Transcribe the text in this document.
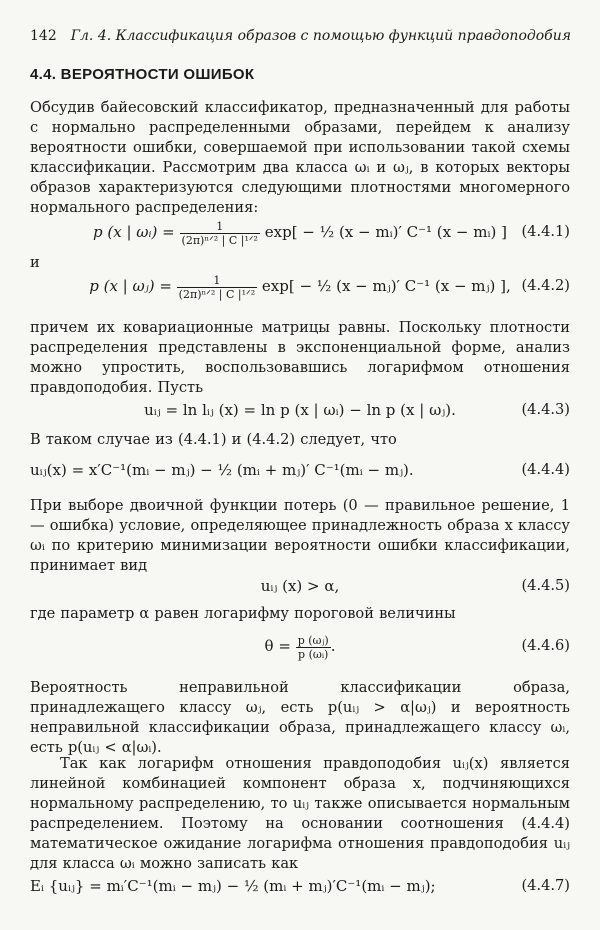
142 Гл. 4. Классификация образов с помощью функций правдоподобия
4.4. ВЕРОЯТНОСТИ ОШИБОК
Обсудив байесовский классификатор, предназначенный для работы с нормально распределенными образами, перейдем к анализу вероятности ошибки, совершаемой при использовании такой схемы классификации. Рассмотрим два класса ωᵢ и ωⱼ, в которых векторы образов характеризуются следующими плотностями многомерного нормального распределения:
p (x | ωᵢ) = $\frac{1}{\text{(2π)ⁿᐟ² | C |¹ᐟ²}} \exp$[ − ½ (x − mᵢ)′ C⁻¹ (x − mᵢ) ] (4.4.1)
и
p (x | ωⱼ) = $\frac{1}{\text{(2π)ⁿᐟ² | C |¹ᐟ²}} \exp$[ − ½ (x − mⱼ)′ C⁻¹ (x − mⱼ) ], (4.4.2)
причем их ковариационные матрицы равны. Поскольку плотности распределения представлены в экспоненциальной форме, анализ можно упростить, воспользовавшись логарифмом отношения правдоподобия. Пусть
uᵢⱼ = ln lᵢⱼ (x) = ln p (x | ωᵢ) − ln p (x | ωⱼ).	(4.4.3)
В таком случае из (4.4.1) и (4.4.2) следует, что
uᵢⱼ(x) = x′C⁻¹(mᵢ − mⱼ) − ½ (mᵢ + mⱼ)′ C⁻¹(mᵢ − mⱼ).	(4.4.4)
При выборе двоичной функции потерь (0 — правильное решение, 1 — ошибка) условие, определяющее принадлежность образа x классу ωᵢ по критерию минимизации вероятности ошибки классификации, принимает вид
uᵢⱼ (x) > α,	(4.4.5)
где параметр α равен логарифму пороговой величины
$\theta = \frac{\text{p (ωⱼ)}}{\text{p (ωᵢ)}}$ .	(4.4.6)
Вероятность неправильной классификации образа, принадлежащего классу ωⱼ, есть p(uᵢⱼ > α|ωⱼ) и вероятность неправильной классификации образа, принадлежащего классу ωᵢ, есть p(uᵢⱼ < α|ωᵢ).
Так как логарифм отношения правдоподобия uᵢⱼ(x) является линейной комбинацией компонент образа x, подчиняющихся нормальному распределению, то uᵢⱼ также описывается нормальным распределением. Поэтому на основании соотношения (4.4.4) математическое ожидание логарифма отношения правдоподобия uᵢⱼ для класса ωᵢ можно записать как
Eᵢ {uᵢⱼ} = mᵢ′C⁻¹(mᵢ − mⱼ) − ½ (mᵢ + mⱼ)′C⁻¹(mᵢ − mⱼ);	(4.4.7)
